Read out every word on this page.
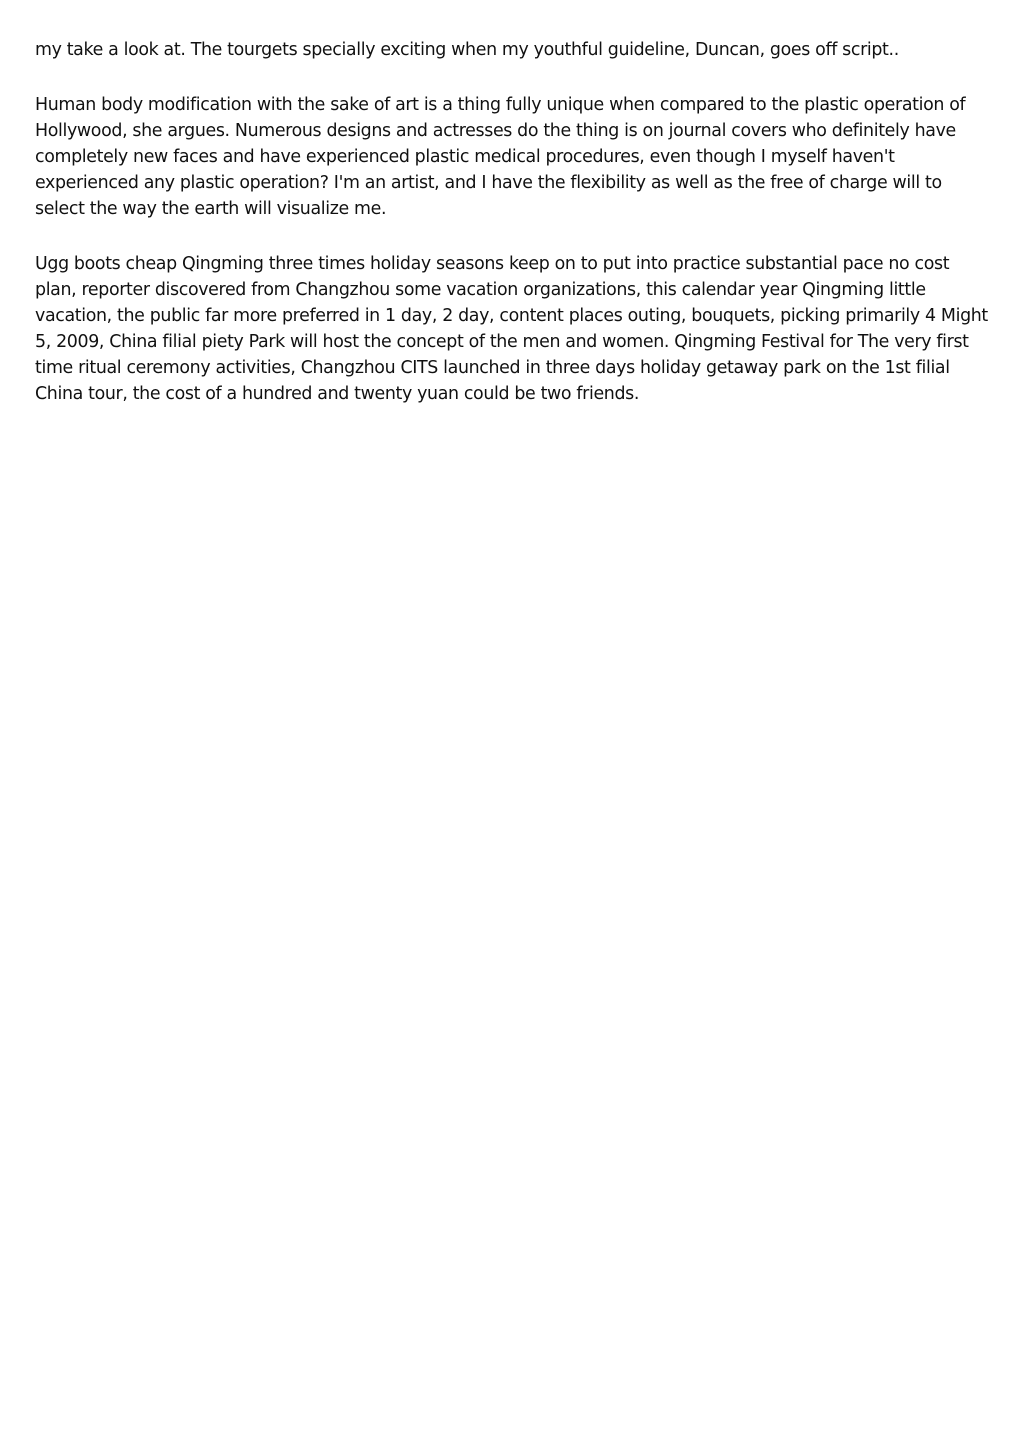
my take a look at. The tourgets specially exciting when my youthful guideline, Duncan, goes off script..

Human body modification with the sake of art is a thing fully unique when compared to the plastic operation of Hollywood, she argues. Numerous designs and actresses do the thing is on journal covers who definitely have completely new faces and have experienced plastic medical procedures, even though I myself haven't experienced any plastic operation? I'm an artist, and I have the flexibility as well as the free of charge will to select the way the earth will visualize me.

Ugg boots cheap Qingming three times holiday seasons keep on to put into practice substantial pace no cost plan, reporter discovered from Changzhou some vacation organizations, this calendar year Qingming little vacation, the public far more preferred in 1 day, 2 day, content places outing, bouquets, picking primarily 4 Might 5, 2009, China filial piety Park will host the concept of the men and women. Qingming Festival for The very first time ritual ceremony activities, Changzhou CITS launched in three days holiday getaway park on the 1st filial China tour, the cost of a hundred and twenty yuan could be two friends.
